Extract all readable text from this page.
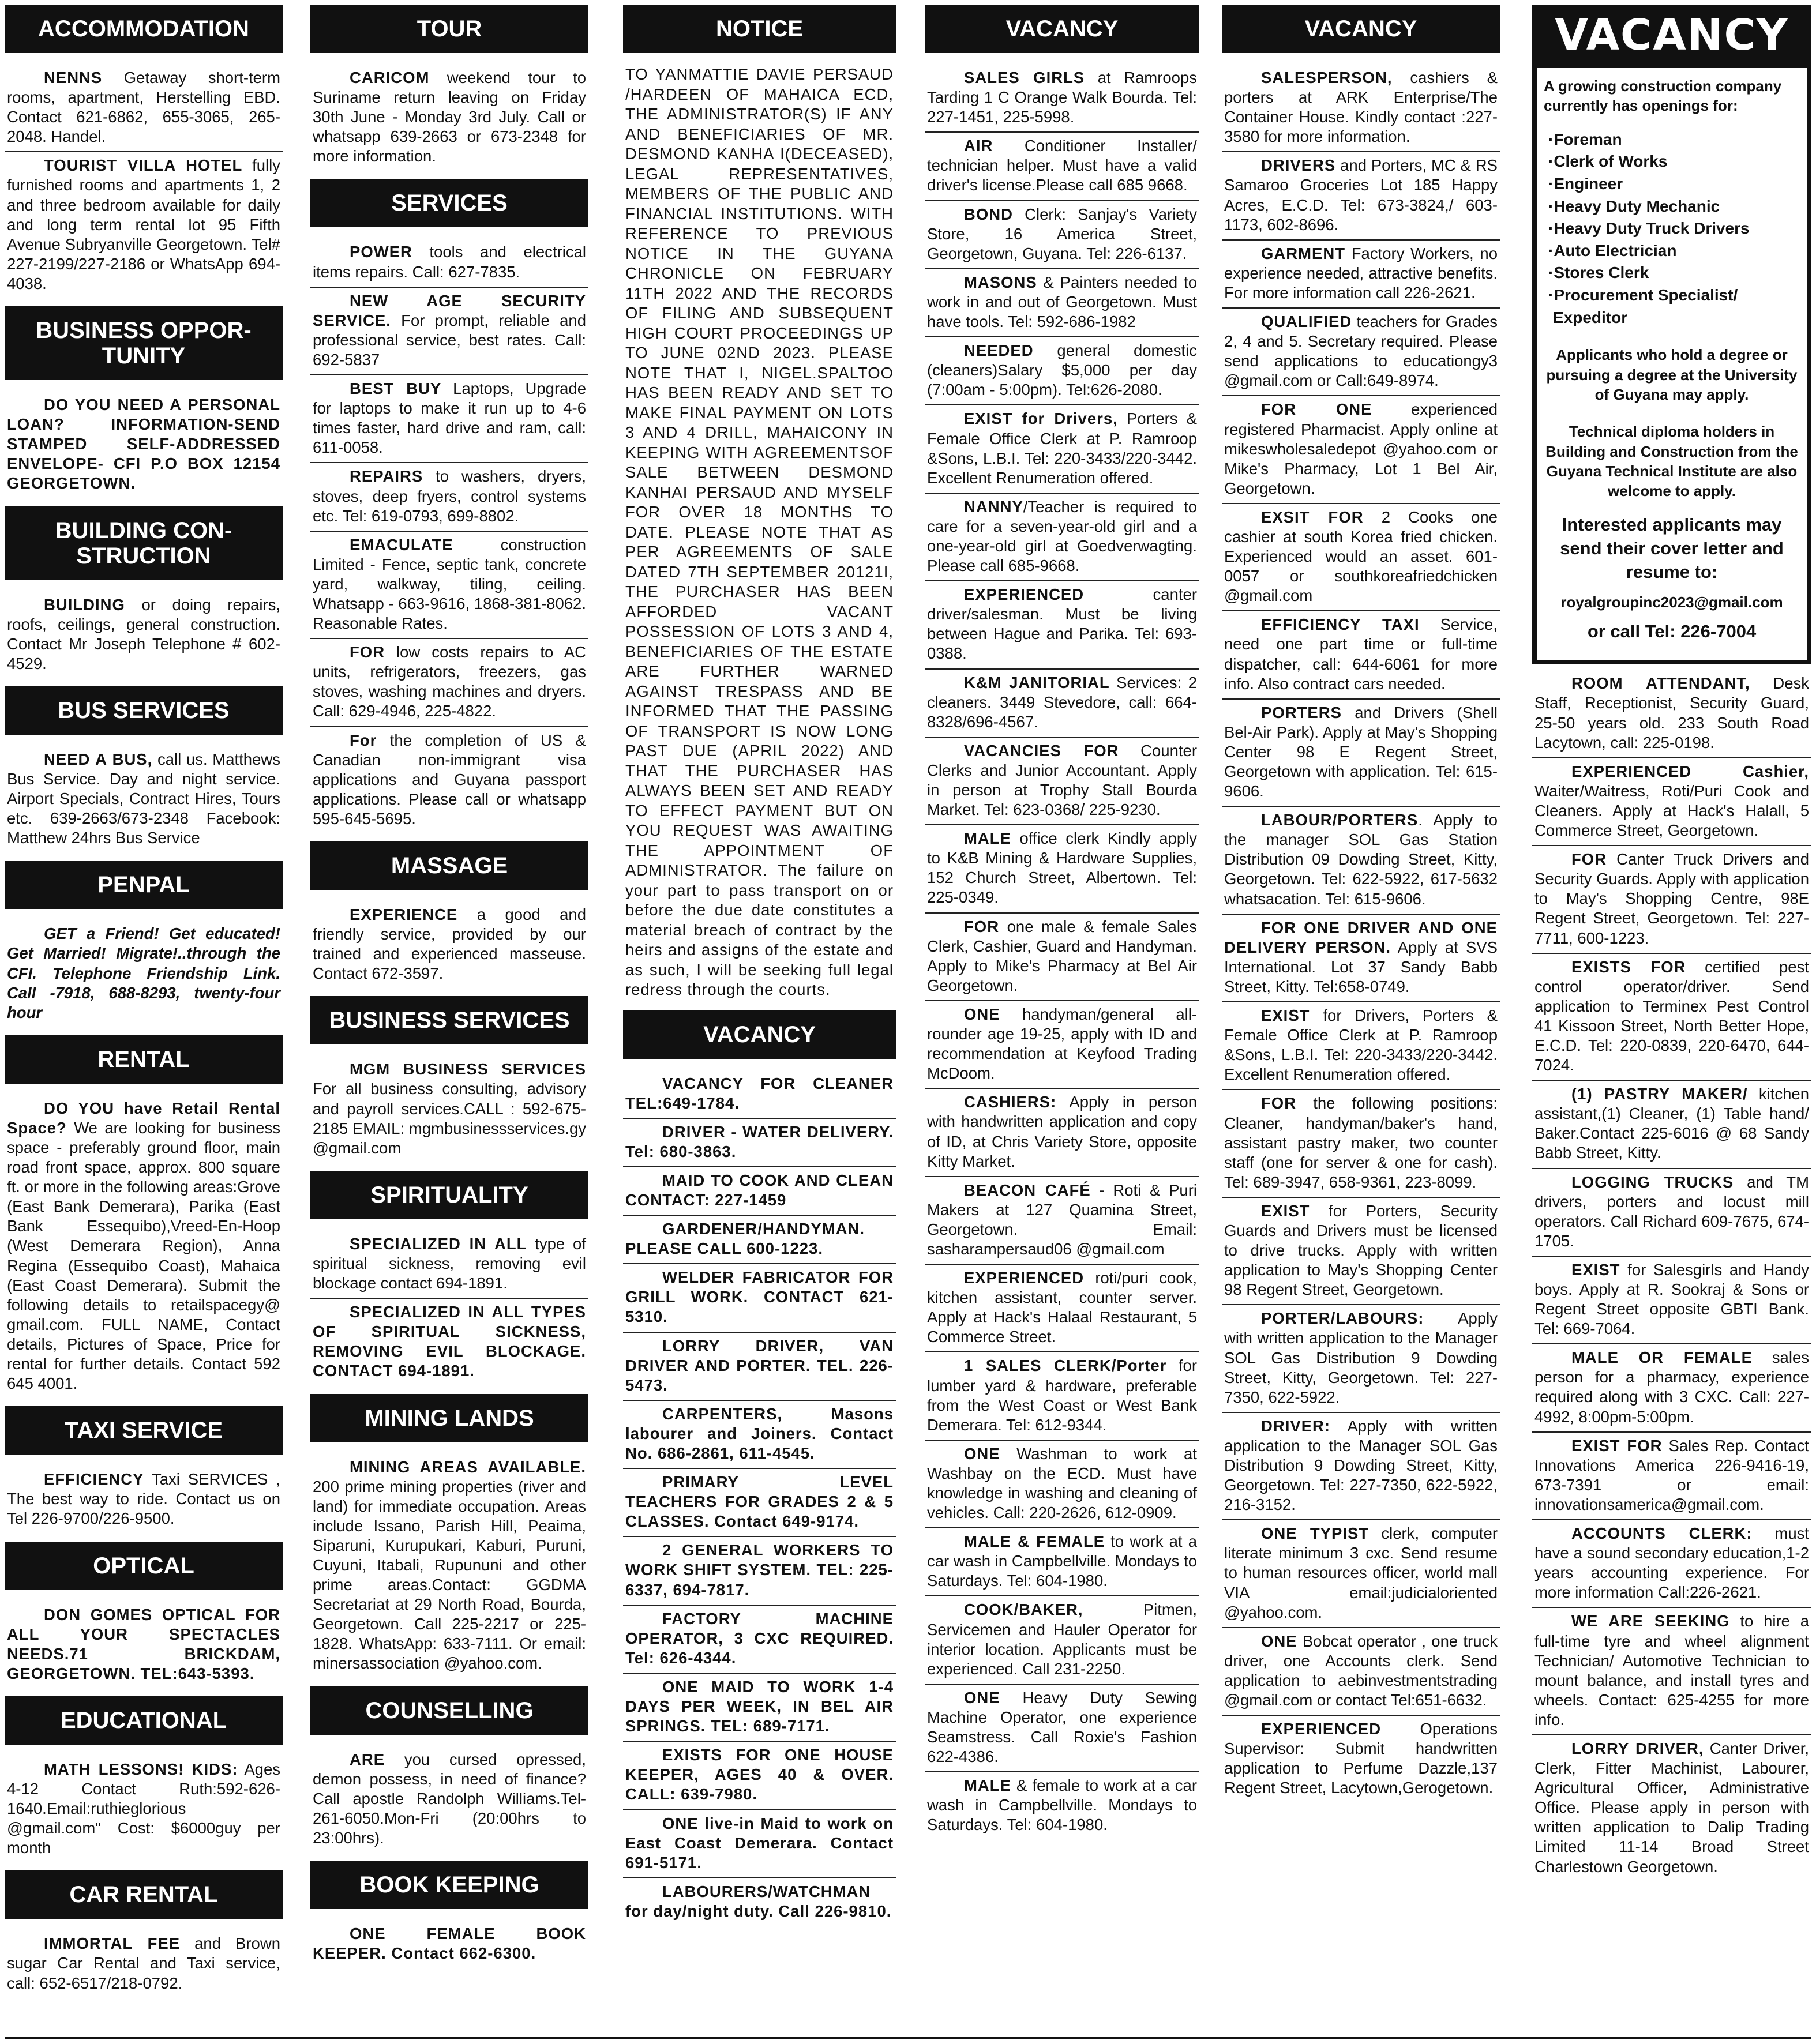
ACCOMMODATION
NENNS Getaway short-term rooms, apartment, Herstelling EBD. Contact 621-6862, 655-3065, 265-2048. Handel.
TOURIST VILLA HOTEL fully furnished rooms and apartments 1, 2 and three bedroom available for daily and long term rental lot 95 Fifth Avenue Subryanville Georgetown. Tel# 227-2199/227-2186 or WhatsApp 694-4038.
BUSINESS OPPOR-TUNITY
DO YOU NEED A PERSONAL LOAN? INFORMATION-SEND STAMPED SELF-ADDRESSED ENVELOPE- CFI P.O BOX 12154 GEORGETOWN.
BUILDING CON-STRUCTION
BUILDING or doing repairs, roofs, ceilings, general construction. Contact Mr Joseph Telephone # 602-4529.
BUS SERVICES
NEED A BUS, call us. Matthews Bus Service. Day and night service. Airport Specials, Contract Hires, Tours etc. 639-2663/673-2348 Facebook: Matthew 24hrs Bus Service
PENPAL
GET a Friend! Get educated! Get Married! Migrate!..through the CFI. Telephone Friendship Link. Call -7918, 688-8293, twenty-four hour
RENTAL
DO YOU have Retail Rental Space? We are looking for business space - preferably ground floor, main road front space, approx. 800 square ft. or more in the following areas:Grove (East Bank Demerara), Parika (East Bank Essequibo),Vreed-En-Hoop (West Demerara Region), Anna Regina (Essequibo Coast), Mahaica (East Coast Demerara). Submit the following details to retailspacegy@ gmail.com. FULL NAME, Contact details, Pictures of Space, Price for rental for further details. Contact 592 645 4001.
TAXI SERVICE
EFFICIENCY Taxi SERVICES , The best way to ride. Contact us on Tel 226-9700/226-9500.
OPTICAL
DON GOMES OPTICAL FOR ALL YOUR SPECTACLES NEEDS.71 BRICKDAM, GEORGETOWN. TEL:643-5393.
EDUCATIONAL
MATH LESSONS! KIDS: Ages 4-12 Contact Ruth:592-626-1640.Email:ruthieglorious @gmail.com" Cost: $6000guy per month
CAR RENTAL
IMMORTAL FEE and Brown sugar Car Rental and Taxi service, call: 652-6517/218-0792.
TOUR
CARICOM weekend tour to Suriname return leaving on Friday 30th June - Monday 3rd July. Call or whatsapp 639-2663 or 673-2348 for more information.
SERVICES
POWER tools and electrical items repairs. Call: 627-7835.
NEW AGE SECURITY SERVICE. For prompt, reliable and professional service, best rates. Call: 692-5837
BEST BUY Laptops, Upgrade for laptops to make it run up to 4-6 times faster, hard drive and ram, call: 611-0058.
REPAIRS to washers, dryers, stoves, deep fryers, control systems etc. Tel: 619-0793, 699-8802.
EMACULATE construction Limited - Fence, septic tank, concrete yard, walkway, tiling, ceiling. Whatsapp - 663-9616, 1868-381-8062. Reasonable Rates.
FOR low costs repairs to AC units, refrigerators, freezers, gas stoves, washing machines and dryers. Call: 629-4946, 225-4822.
For the completion of US & Canadian non-immigrant visa applications and Guyana passport applications. Please call or whatsapp 595-645-5695.
MASSAGE
EXPERIENCE a good and friendly service, provided by our trained and experienced masseuse. Contact 672-3597.
BUSINESS SERVICES
MGM BUSINESS SERVICES For all business consulting, advisory and payroll services.CALL : 592-675-2185 EMAIL: mgmbusinessservices.gy @gmail.com
SPIRITUALITY
SPECIALIZED IN ALL type of spiritual sickness, removing evil blockage contact 694-1891.
SPECIALIZED IN ALL TYPES OF SPIRITUAL SICKNESS, REMOVING EVIL BLOCKAGE. CONTACT 694-1891.
MINING LANDS
MINING AREAS AVAILABLE. 200 prime mining properties (river and land) for immediate occupation. Areas include Issano, Parish Hill, Peaima, Siparuni, Kurupukari, Kaburi, Puruni, Cuyuni, Itabali, Rupununi and other prime areas.Contact: GGDMA Secretariat at 29 North Road, Bourda, Georgetown. Call 225-2217 or 225-1828. WhatsApp: 633-7111. Or email: minersassociation @yahoo.com.
COUNSELLING
ARE you cursed opressed, demon possess, in need of finance? Call apostle Randolph Williams.Tel-261-6050.Mon-Fri (20:00hrs to 23:00hrs).
BOOK KEEPING
ONE FEMALE BOOK KEEPER. Contact 662-6300.
NOTICE
TO YANMATTIE DAVIE PERSAUD /HARDEEN OF MAHAICA ECD, THE ADMINISTRATOR(S) IF ANY AND BENEFICIARIES OF MR. DESMOND KANHA I(DECEASED), LEGAL REPRESENTATIVES, MEMBERS OF THE PUBLIC AND FINANCIAL INSTITUTIONS. WITH REFERENCE TO PREVIOUS NOTICE IN THE GUYANA CHRONICLE ON FEBRUARY 11TH 2022 AND THE RECORDS OF FILING AND SUBSEQUENT HIGH COURT PROCEEDINGS UP TO JUNE 02ND 2023. PLEASE NOTE THAT I, NIGEL.SPALTOO HAS BEEN READY AND SET TO MAKE FINAL PAYMENT ON LOTS 3 AND 4 DRILL, MAHAICONY IN KEEPING WITH AGREEMENTSOF SALE BETWEEN DESMOND KANHAI PERSAUD AND MYSELF FOR OVER 18 MONTHS TO DATE. PLEASE NOTE THAT AS PER AGREEMENTS OF SALE DATED 7TH SEPTEMBER 20121I, THE PURCHASER HAS BEEN AFFORDED VACANT POSSESSION OF LOTS 3 AND 4, BENEFICIARIES OF THE ESTATE ARE FURTHER WARNED AGAINST TRESPASS AND BE INFORMED THAT THE PASSING OF TRANSPORT IS NOW LONG PAST DUE (APRIL 2022) AND THAT THE PURCHASER HAS ALWAYS BEEN SET AND READY TO EFFECT PAYMENT BUT ON YOU REQUEST WAS AWAITING THE APPOINTMENT OF ADMINISTRATOR. The failure on your part to pass transport on or before the due date constitutes a material breach of contract by the heirs and assigns of the estate and as such, I will be seeking full legal redress through the courts.
VACANCY
VACANCY FOR CLEANER TEL:649-1784.
DRIVER - WATER DELIVERY. Tel: 680-3863.
MAID TO COOK AND CLEAN CONTACT: 227-1459
GARDENER/HANDYMAN. PLEASE CALL 600-1223.
WELDER FABRICATOR FOR GRILL WORK. CONTACT 621-5310.
LORRY DRIVER, VAN DRIVER AND PORTER. TEL. 226-5473.
CARPENTERS, Masons labourer and Joiners. Contact No. 686-2861, 611-4545.
PRIMARY LEVEL TEACHERS FOR GRADES 2 & 5 CLASSES. Contact 649-9174.
2 GENERAL WORKERS TO WORK SHIFT SYSTEM. TEL: 225-6337, 694-7817.
FACTORY MACHINE OPERATOR, 3 CXC REQUIRED. Tel: 626-4344.
ONE MAID TO WORK 1-4 DAYS PER WEEK, IN BEL AIR SPRINGS. TEL: 689-7171.
EXISTS FOR ONE HOUSE KEEPER, AGES 40 & OVER. CALL: 639-7980.
ONE live-in Maid to work on East Coast Demerara. Contact 691-5171.
LABOURERS/WATCHMAN for day/night duty. Call 226-9810.
VACANCY
SALES GIRLS at Ramroops Tarding 1 C Orange Walk Bourda. Tel: 227-1451, 225-5998.
AIR Conditioner Installer/ technician helper. Must have a valid driver's license.Please call 685 9668.
BOND Clerk: Sanjay's Variety Store, 16 America Street, Georgetown, Guyana. Tel: 226-6137.
MASONS & Painters needed to work in and out of Georgetown. Must have tools. Tel: 592-686-1982
NEEDED general domestic (cleaners)Salary $5,000 per day (7:00am - 5:00pm). Tel:626-2080.
EXIST for Drivers, Porters & Female Office Clerk at P. Ramroop &Sons, L.B.I. Tel: 220-3433/220-3442. Excellent Renumeration offered.
NANNY/Teacher is required to care for a seven-year-old girl and a one-year-old girl at Goedverwagting. Please call 685-9668.
EXPERIENCED canter driver/salesman. Must be living between Hague and Parika. Tel: 693-0388.
K&M JANITORIAL Services: 2 cleaners. 3449 Stevedore, call: 664-8328/696-4567.
VACANCIES FOR Counter Clerks and Junior Accountant. Apply in person at Trophy Stall Bourda Market. Tel: 623-0368/ 225-9230.
MALE office clerk Kindly apply to K&B Mining & Hardware Supplies, 152 Church Street, Albertown. Tel: 225-0349.
FOR one male & female Sales Clerk, Cashier, Guard and Handyman. Apply to Mike's Pharmacy at Bel Air Georgetown.
ONE handyman/general all-rounder age 19-25, apply with ID and recommendation at Keyfood Trading McDoom.
CASHIERS: Apply in person with handwritten application and copy of ID, at Chris Variety Store, opposite Kitty Market.
BEACON CAFÉ - Roti & Puri Makers at 127 Quamina Street, Georgetown. Email: sasharampersaud06 @gmail.com
EXPERIENCED roti/puri cook, kitchen assistant, counter server. Apply at Hack's Halaal Restaurant, 5 Commerce Street.
1 SALES CLERK/Porter for lumber yard & hardware, preferable from the West Coast or West Bank Demerara. Tel: 612-9344.
ONE Washman to work at Washbay on the ECD. Must have knowledge in washing and cleaning of vehicles. Call: 220-2626, 612-0909.
MALE & FEMALE to work at a car wash in Campbellville. Mondays to Saturdays. Tel: 604-1980.
COOK/BAKER, Pitmen, Servicemen and Hauler Operator for interior location. Applicants must be experienced. Call 231-2250.
ONE Heavy Duty Sewing Machine Operator, one experience Seamstress. Call Roxie's Fashion 622-4386.
MALE & female to work at a car wash in Campbellville. Mondays to Saturdays. Tel: 604-1980.
VACANCY
SALESPERSON, cashiers & porters at ARK Enterprise/The Container House. Kindly contact :227-3580 for more information.
DRIVERS and Porters, MC & RS Samaroo Groceries Lot 185 Happy Acres, E.C.D. Tel: 673-3824,/ 603-1173, 602-8696.
GARMENT Factory Workers, no experience needed, attractive benefits. For more information call 226-2621.
QUALIFIED teachers for Grades 2, 4 and 5. Secretary required. Please send applications to educationgy3 @gmail.com or Call:649-8974.
FOR ONE experienced registered Pharmacist. Apply online at mikeswholesaledepot @yahoo.com or Mike's Pharmacy, Lot 1 Bel Air, Georgetown.
EXSIT FOR 2 Cooks one cashier at south Korea fried chicken. Experienced would an asset. 601-0057 or southkoreafriedchicken @gmail.com
EFFICIENCY TAXI Service, need one part time or full-time dispatcher, call: 644-6061 for more info. Also contract cars needed.
PORTERS and Drivers (Shell Bel-Air Park). Apply at May's Shopping Center 98 E Regent Street, Georgetown with application. Tel: 615-9606.
LABOUR/PORTERS. Apply to the manager SOL Gas Station Distribution 09 Dowding Street, Kitty, Georgetown. Tel: 622-5922, 617-5632 whatsacation. Tel: 615-9606.
FOR ONE DRIVER AND ONE DELIVERY PERSON. Apply at SVS International. Lot 37 Sandy Babb Street, Kitty. Tel:658-0749.
EXIST for Drivers, Porters & Female Office Clerk at P. Ramroop &Sons, L.B.I. Tel: 220-3433/220-3442. Excellent Renumeration offered.
FOR the following positions: Cleaner, handyman/baker's hand, assistant pastry maker, two counter staff (one for server & one for cash). Tel: 689-3947, 658-9361, 223-8099.
EXIST for Porters, Security Guards and Drivers must be licensed to drive trucks. Apply with written application to May's Shopping Center 98 Regent Street, Georgetown.
PORTER/LABOURS: Apply with written application to the Manager SOL Gas Distribution 9 Dowding Street, Kitty, Georgetown. Tel: 227-7350, 622-5922.
DRIVER: Apply with written application to the Manager SOL Gas Distribution 9 Dowding Street, Kitty, Georgetown. Tel: 227-7350, 622-5922, 216-3152.
ONE TYPIST clerk, computer literate minimum 3 cxc. Send resume to human resources officer, world mall VIA email:judicialoriented @yahoo.com.
ONE Bobcat operator , one truck driver, one Accounts clerk. Send application to aebinvestmentstrading @gmail.com or contact Tel:651-6632.
EXPERIENCED Operations Supervisor: Submit handwritten application to Perfume Dazzle,137 Regent Street, Lacytown,Gerogetown.
VACANCY

A growing construction company currently has openings for:

·Foreman
·Clerk of Works
·Engineer
·Heavy Duty Mechanic
·Heavy Duty Truck Drivers
·Auto Electrician
·Stores Clerk
·Procurement Specialist/
Expeditor

Applicants who hold a degree or pursuing a degree at the University of Guyana may apply.

Technical diploma holders in Building and Construction from the Guyana Technical Institute are also welcome to apply.

Interested applicants may send their cover letter and resume to:

royalgroupinc2023@gmail.com

or call Tel: 226-7004

ROOM ATTENDANT, Desk Staff, Receptionist, Security Guard, 25-50 years old. 233 South Road Lacytown, call: 225-0198.
EXPERIENCED Cashier, Waiter/Waitress, Roti/Puri Cook and Cleaners. Apply at Hack's Halall, 5 Commerce Street, Georgetown.
FOR Canter Truck Drivers and Security Guards. Apply with application to May's Shopping Centre, 98E Regent Street, Georgetown. Tel: 227-7711, 600-1223.
EXISTS FOR certified pest control operator/driver. Send application to Terminex Pest Control 41 Kissoon Street, North Better Hope, E.C.D. Tel: 220-0839, 220-6470, 644-7024.
(1) PASTRY MAKER/ kitchen assistant,(1) Cleaner, (1) Table hand/ Baker.Contact 225-6016 @ 68 Sandy Babb Street, Kitty.
LOGGING TRUCKS and TM drivers, porters and locust mill operators. Call Richard 609-7675, 674-1705.
EXIST for Salesgirls and Handy boys. Apply at R. Sookraj & Sons or Regent Street opposite GBTI Bank. Tel: 669-7064.
MALE OR FEMALE sales person for a pharmacy, experience required along with 3 CXC. Call: 227-4992, 8:00pm-5:00pm.
EXIST FOR Sales Rep. Contact Innovations America 226-9416-19, 673-7391 or email: innovationsamerica@gmail.com.
ACCOUNTS CLERK: must have a sound secondary education,1-2 years accounting experience. For more information Call:226-2621.
WE ARE SEEKING to hire a full-time tyre and wheel alignment Technician/ Automotive Technician to mount balance, and install tyres and wheels. Contact: 625-4255 for more info.
LORRY DRIVER, Canter Driver, Clerk, Fitter Machinist, Labourer, Agricultural Officer, Administrative Office. Please apply in person with written application to Dalip Trading Limited 11-14 Broad Street Charlestown Georgetown.
